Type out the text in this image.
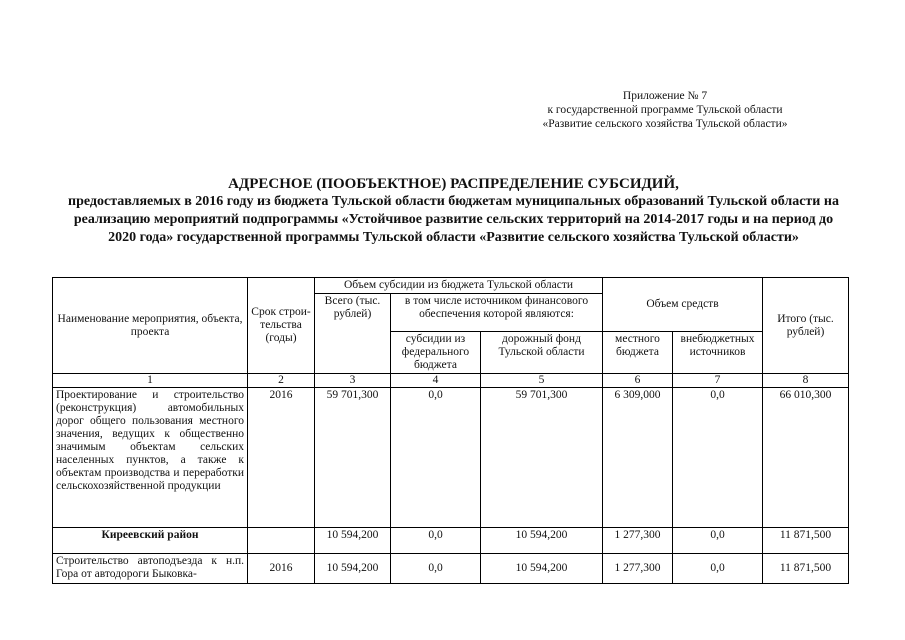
Приложение № 7
к государственной программе Тульской области
«Развитие сельского хозяйства Тульской области»
АДРЕСНОЕ (ПООБЪЕКТНОЕ) РАСПРЕДЕЛЕНИЕ СУБСИДИЙ,
предоставляемых в 2016 году из бюджета Тульской области бюджетам муниципальных образований Тульской области на реализацию мероприятий подпрограммы «Устойчивое развитие сельских территорий на 2014-2017 годы и на период до 2020 года» государственной программы Тульской области «Развитие сельского хозяйства Тульской области»
Наименование мероприятия, объекта, проекта	Срок строи-тельства (годы)	Объем субсидии из бюджета Тульской области			Объем средств		Итого (тыс. рублей)
		Всего (тыс. рублей)	в том числе источником финансового обеспечения которой являются:				
			субсидии из федерального бюджета	дорожный фонд Тульской области	местного бюджета	внебюджетных источников	
1	2	3	4	5	6	7	8
Проектирование и строительство (реконструкция) автомобильных дорог общего пользования местного значения, ведущих к общественно значимым объектам сельских населенных пунктов, а также к объектам производства и переработки сельскохозяйственной продукции	2016	59 701,300	0,0	59 701,300	6 309,000	0,0	66 010,300
Киреевский район		10 594,200	0,0	10 594,200	1 277,300	0,0	11 871,500
Строительство автоподъезда к н.п. Гора от автодороги Быковка-	2016	10 594,200	0,0	10 594,200	1 277,300	0,0	11 871,500
